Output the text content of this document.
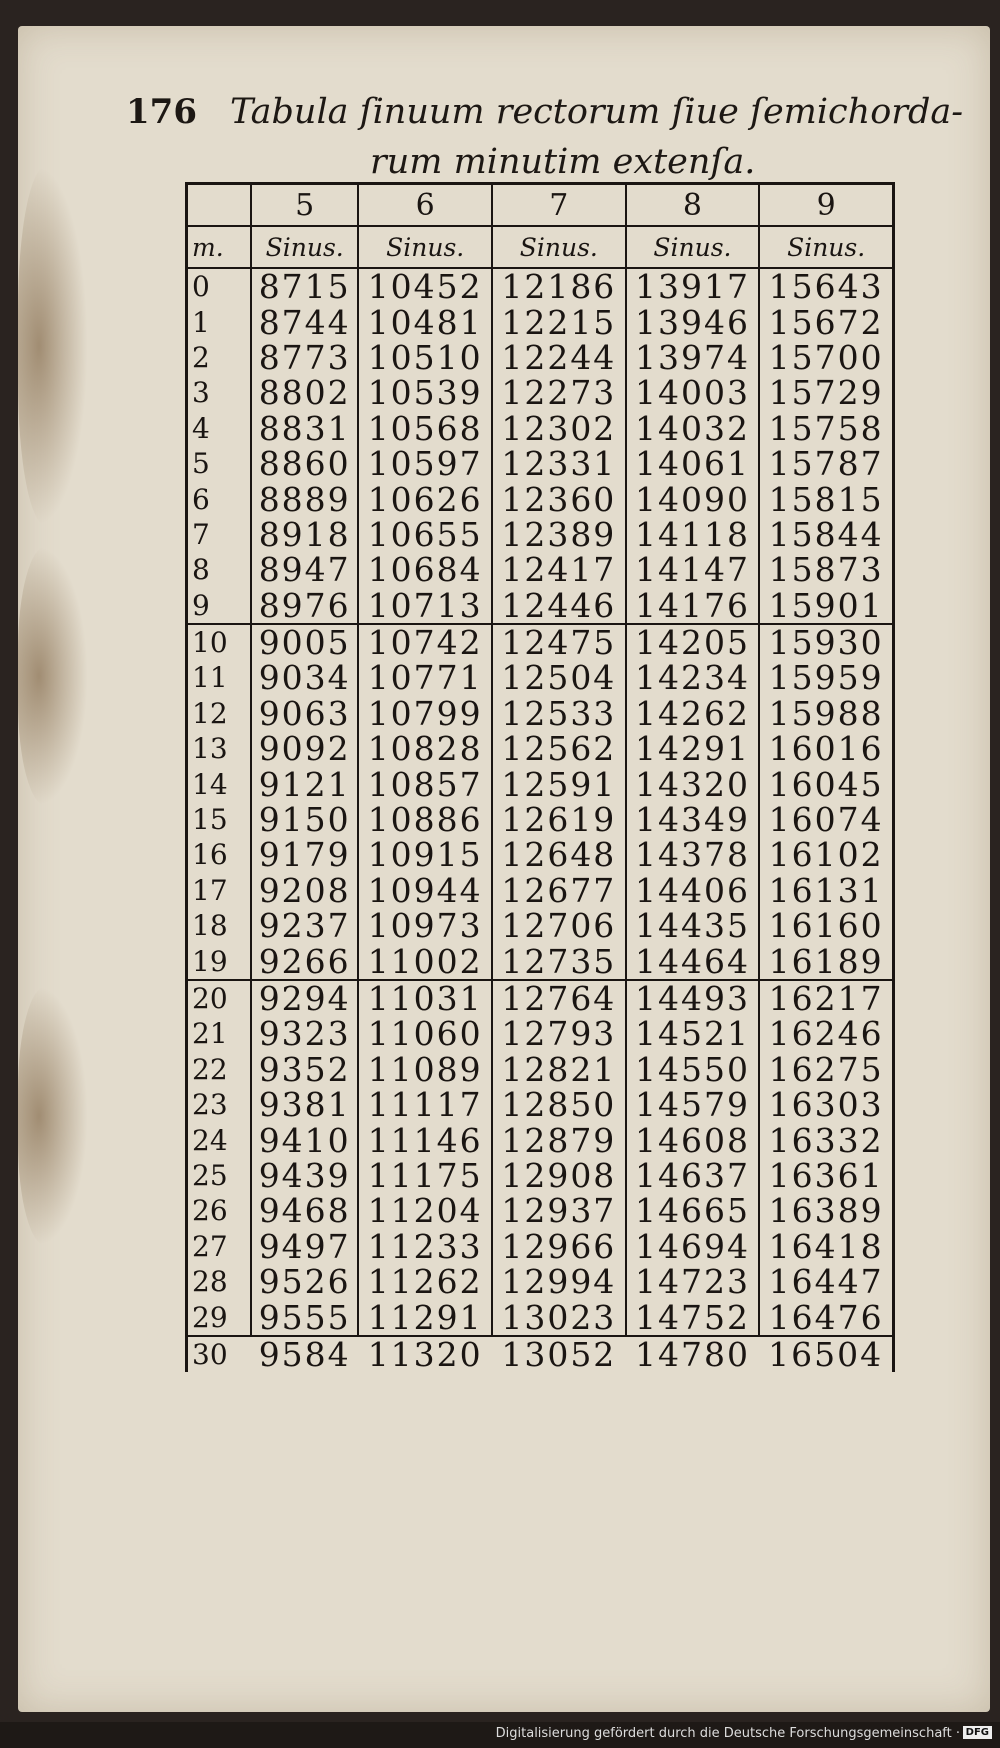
176 Tabula ſinuum rectorum ſiue ſemichorda-
rum minutim extenſa.
	5	6	7	8	9
m.	Sinus.	Sinus.	Sinus.	Sinus.	Sinus.
0	8715	10452	12186	13917	15643
1	8744	10481	12215	13946	15672
2	8773	10510	12244	13974	15700
3	8802	10539	12273	14003	15729
4	8831	10568	12302	14032	15758
5	8860	10597	12331	14061	15787
6	8889	10626	12360	14090	15815
7	8918	10655	12389	14118	15844
8	8947	10684	12417	14147	15873
9	8976	10713	12446	14176	15901
10	9005	10742	12475	14205	15930
11	9034	10771	12504	14234	15959
12	9063	10799	12533	14262	15988
13	9092	10828	12562	14291	16016
14	9121	10857	12591	14320	16045
15	9150	10886	12619	14349	16074
16	9179	10915	12648	14378	16102
17	9208	10944	12677	14406	16131
18	9237	10973	12706	14435	16160
19	9266	11002	12735	14464	16189
20	9294	11031	12764	14493	16217
21	9323	11060	12793	14521	16246
22	9352	11089	12821	14550	16275
23	9381	11117	12850	14579	16303
24	9410	11146	12879	14608	16332
25	9439	11175	12908	14637	16361
26	9468	11204	12937	14665	16389
27	9497	11233	12966	14694	16418
28	9526	11262	12994	14723	16447
29	9555	11291	13023	14752	16476
30	9584	11320	13052	14780	16504
Digitalisierung gefördert durch die Deutsche Forschungsgemeinschaft · DFG
